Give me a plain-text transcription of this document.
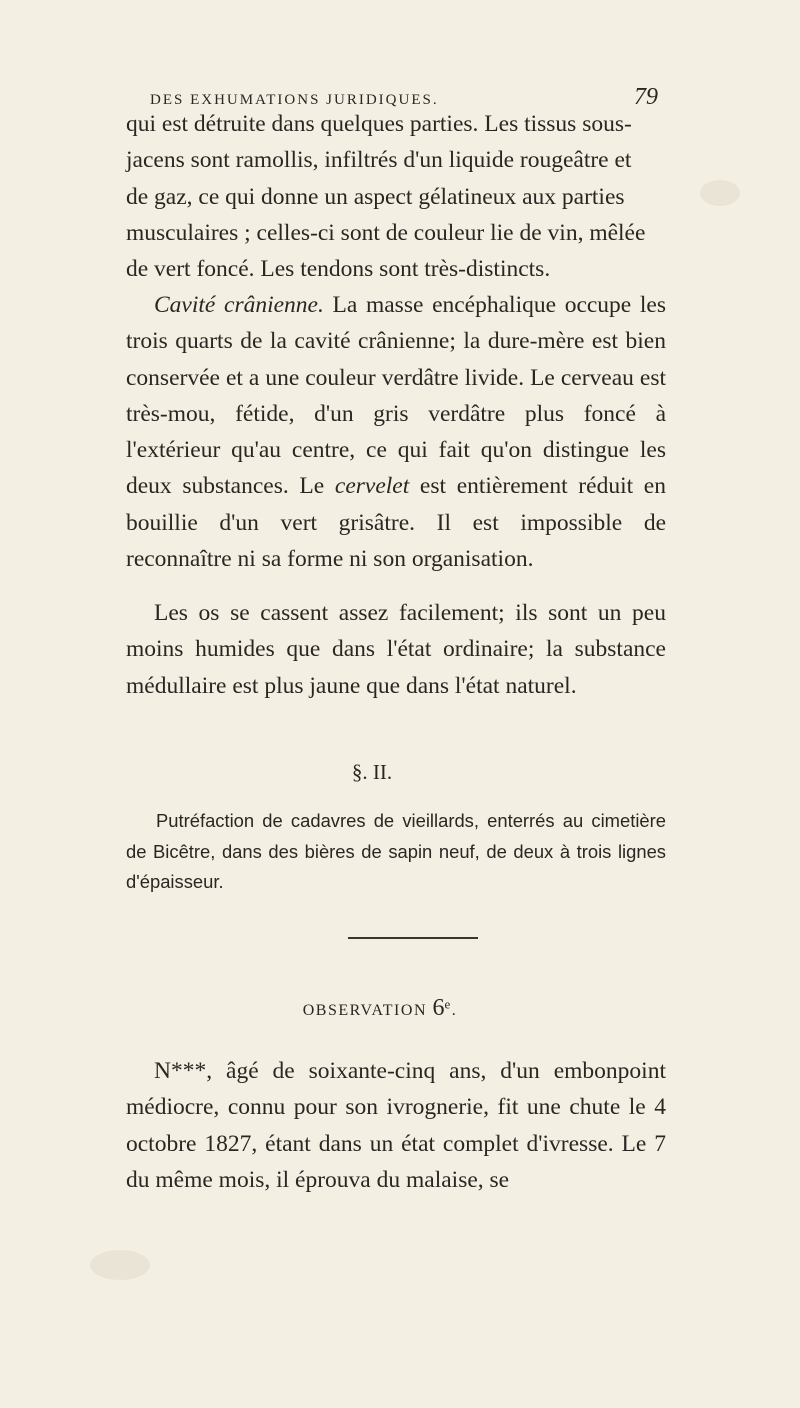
DES EXHUMATIONS JURIDIQUES.	79

qui est détruite dans quelques parties. Les tissus sous-

jacens sont ramollis, infiltrés d'un liquide rougeâtre et

de gaz, ce qui donne un aspect gélatineux aux parties

musculaires ; celles-ci sont de couleur lie de vin, mêlée

de vert foncé. Les tendons sont très-distincts.

Cavité crânienne. La masse encéphalique occupe les trois quarts de la cavité crânienne; la dure-mère est bien conservée et a une couleur verdâtre livide. Le cerveau est très-mou, fétide, d'un gris verdâtre plus foncé à l'extérieur qu'au centre, ce qui fait qu'on distingue les deux substances. Le cervelet est entièrement réduit en bouillie d'un vert grisâtre. Il est impossible de reconnaître ni sa forme ni son organisation.

Les os se cassent assez facilement; ils sont un peu moins humides que dans l'état ordinaire; la substance médullaire est plus jaune que dans l'état naturel.

§. II.
Putréfaction de cadavres de vieillards, enterrés au cimetière de Bicêtre, dans des bières de sapin neuf, de deux à trois lignes d'épaisseur.
OBSERVATION 6e.

N***, âgé de soixante-cinq ans, d'un embonpoint médiocre, connu pour son ivrognerie, fit une chute le 4 octobre 1827, étant dans un état complet d'ivresse. Le 7 du même mois, il éprouva du malaise, se
